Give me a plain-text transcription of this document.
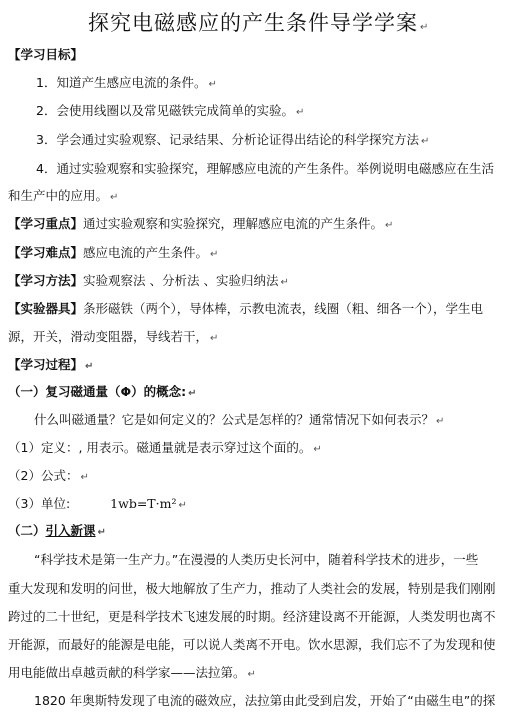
探究电磁感应的产生条件导学学案 ↵
【学习目标】
1．知道产生感应电流的条件。 ↵
2．会使用线圈以及常见磁铁完成简单的实验。 ↵
3．学会通过实验观察、记录结果、分析论证得出结论的科学探究方法 ↵
4．通过实验观察和实验探究，理解感应电流的产生条件。举例说明电磁感应在生活
和生产中的应用。 ↵
【学习重点】通过实验观察和实验探究，理解感应电流的产生条件。 ↵
【学习难点】感应电流的产生条件。 ↵
【学习方法】实验观察法 、分析法 、实验归纳法 ↵
【实验器具】条形磁铁（两个），导体棒，示教电流表，线圈（粗、细各一个），学生电
源，开关，滑动变阻器，导线若干， ↵
【学习过程】 ↵
（一）复习磁通量（Φ）的概念: ↵
什么叫磁通量？它是如何定义的？公式是怎样的？通常情况下如何表示？ ↵
（1）定义：, 用表示。磁通量就是表示穿过这个面的。 ↵
（2）公式： ↵
（3）单位:	1wb=T·m² ↵
（二）引入新课 ↵
“科学技术是第一生产力。”在漫漫的人类历史长河中，随着科学技术的进步，一些
重大发现和发明的问世，极大地解放了生产力，推动了人类社会的发展，特别是我们刚刚
跨过的二十世纪，更是科学技术飞速发展的时期。经济建设离不开能源，人类发明也离不
开能源，而最好的能源是电能，可以说人类离不开电。饮水思源，我们忘不了为发现和使
用电能做出卓越贡献的科学家——法拉第。 ↵
1820 年奥斯特发现了电流的磁效应，法拉第由此受到启发，开始了“由磁生电”的探
